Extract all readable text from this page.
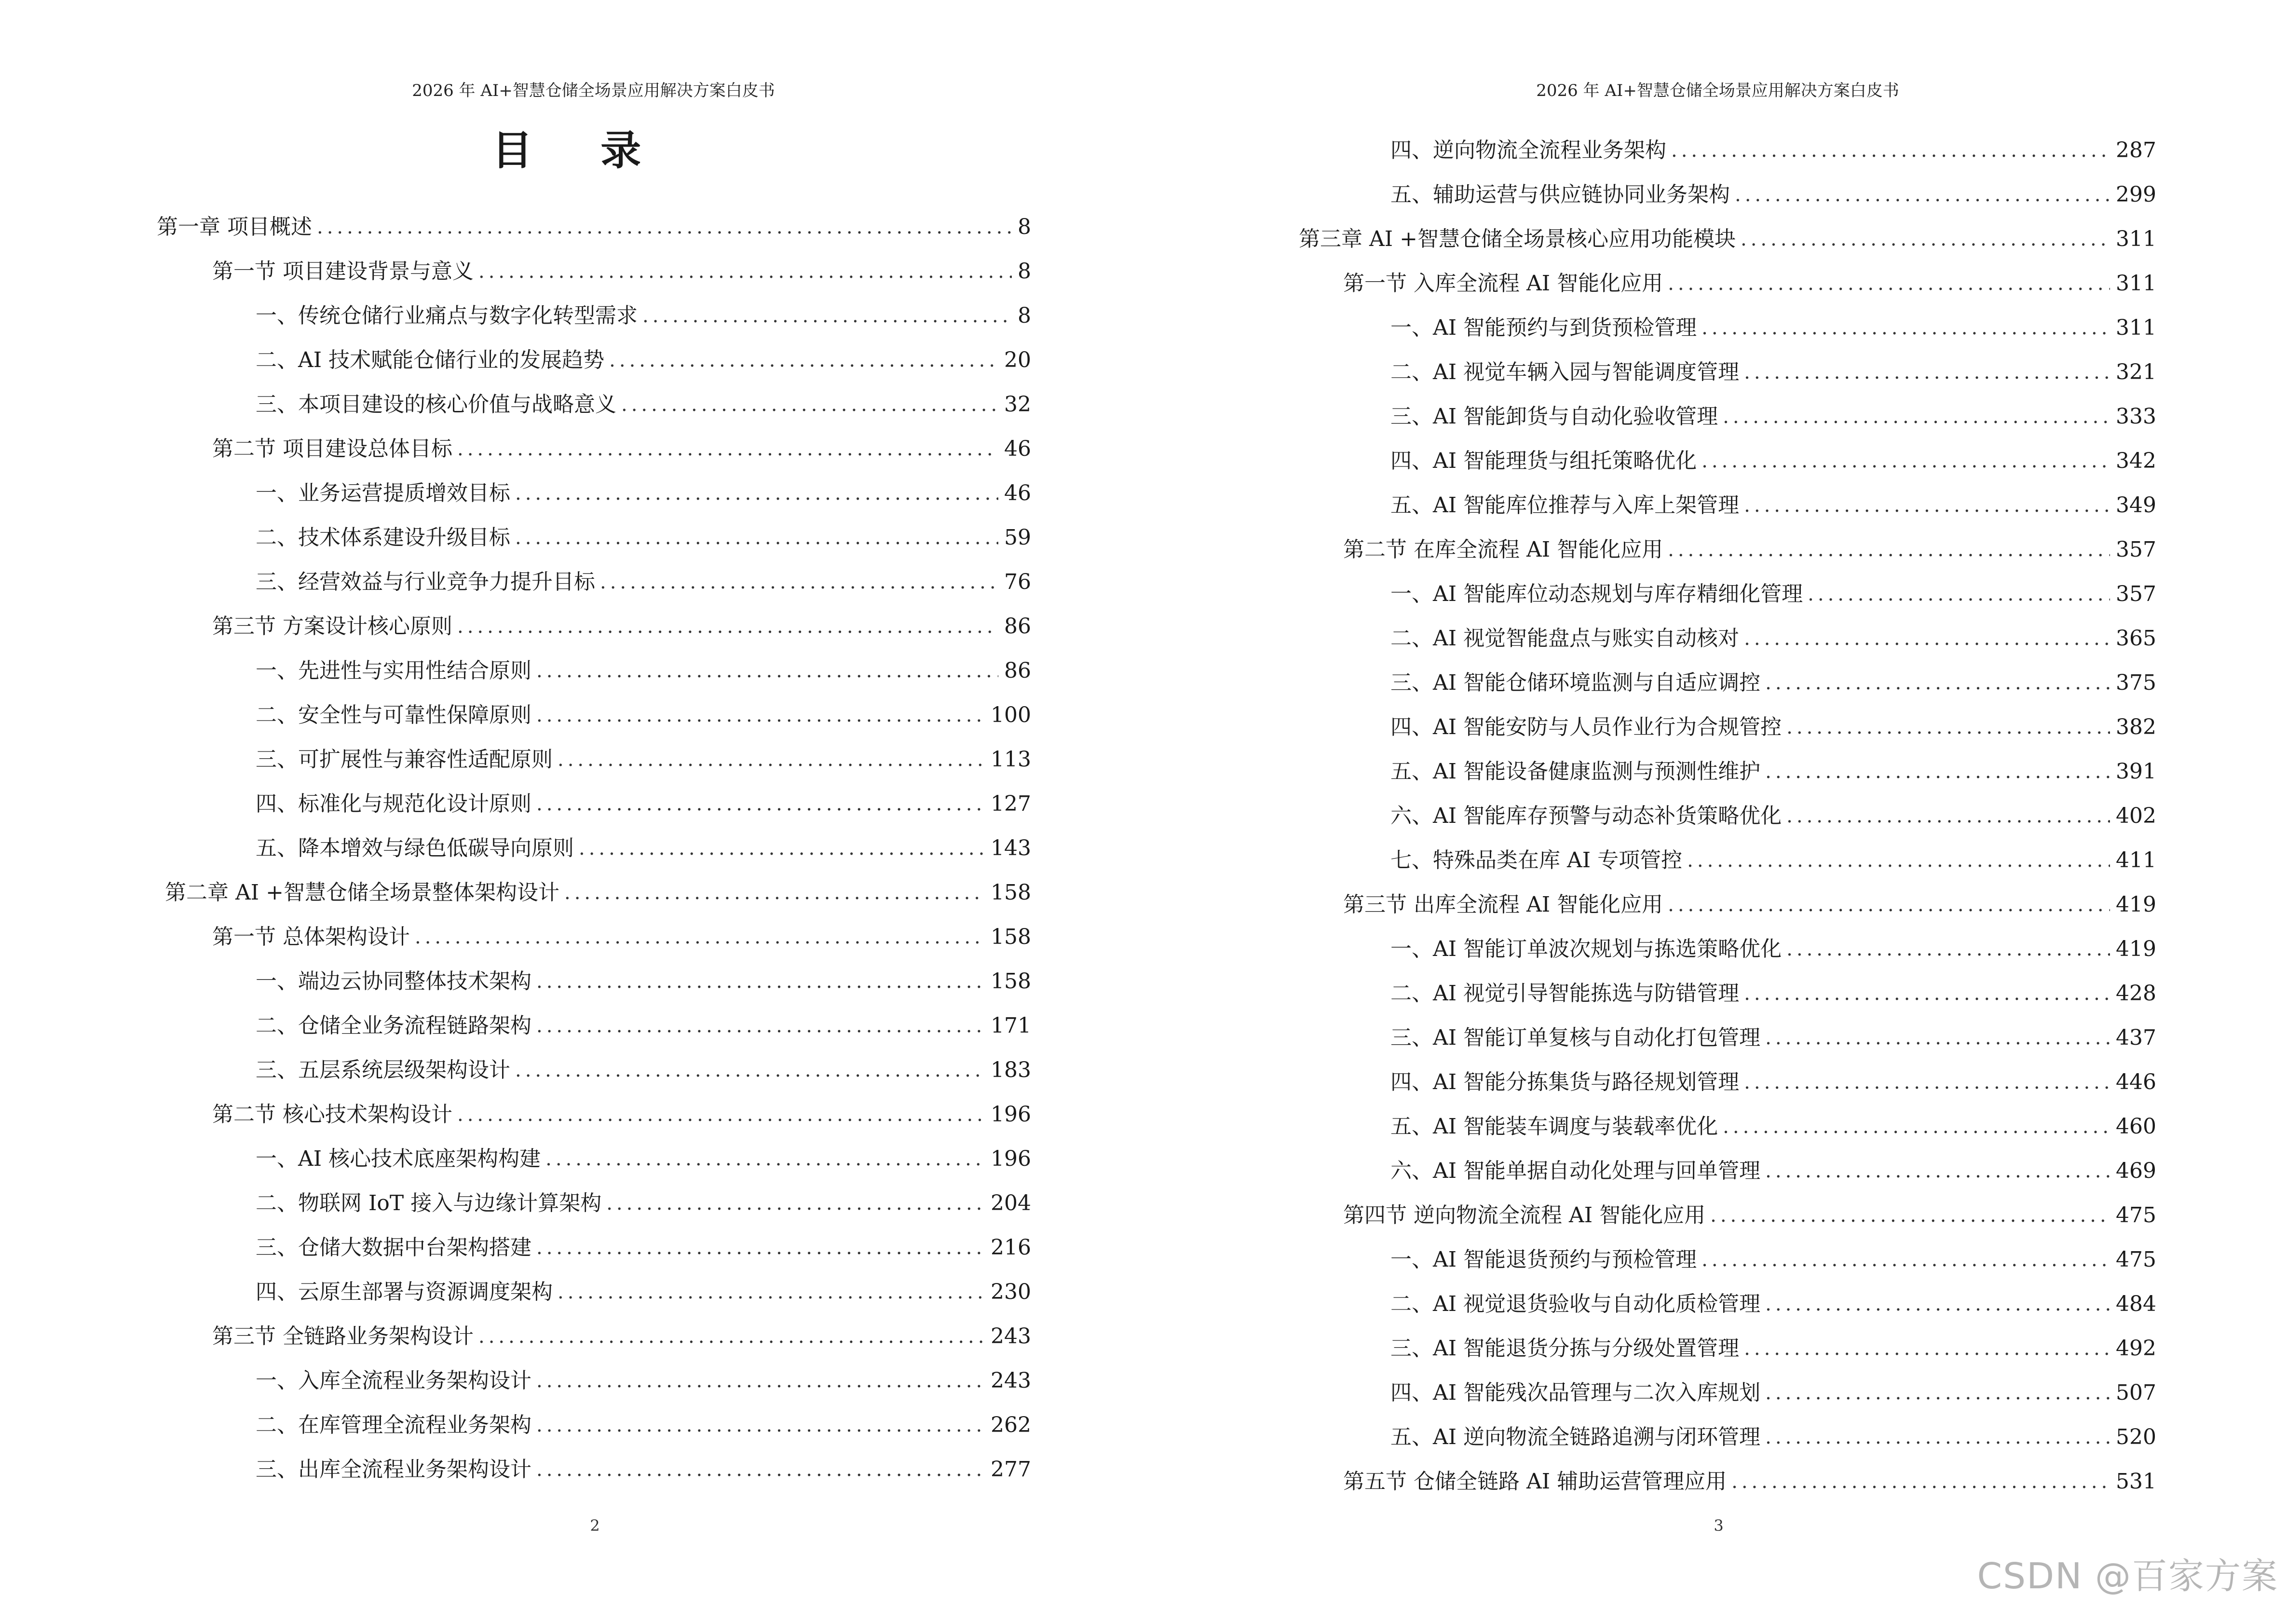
2026 年 AI+智慧仓储全场景应用解决方案白皮书
目 录
第一章 项目概述 .....	8
第一节 项目建设背景与意义 .....	8
一、传统仓储行业痛点与数字化转型需求 .....	8
二、AI 技术赋能仓储行业的发展趋势 .....	20
三、本项目建设的核心价值与战略意义 .....	32
第二节 项目建设总体目标 .....	46
一、业务运营提质增效目标 .....	46
二、技术体系建设升级目标 .....	59
三、经营效益与行业竞争力提升目标 .....	76
第三节 方案设计核心原则 .....	86
一、先进性与实用性结合原则 .....	86
二、安全性与可靠性保障原则 .....	100
三、可扩展性与兼容性适配原则 .....	113
四、标准化与规范化设计原则 .....	127
五、降本增效与绿色低碳导向原则 .....	143
第二章 AI +智慧仓储全场景整体架构设计 .....	158
第一节 总体架构设计 .....	158
一、端边云协同整体技术架构 .....	158
二、仓储全业务流程链路架构 .....	171
三、五层系统层级架构设计 .....	183
第二节 核心技术架构设计 .....	196
一、AI 核心技术底座架构构建 .....	196
二、物联网 IoT 接入与边缘计算架构 .....	204
三、仓储大数据中台架构搭建 .....	216
四、云原生部署与资源调度架构 .....	230
第三节 全链路业务架构设计 .....	243
一、入库全流程业务架构设计 .....	243
二、在库管理全流程业务架构 .....	262
三、出库全流程业务架构设计 .....	277
2
2026 年 AI+智慧仓储全场景应用解决方案白皮书
四、逆向物流全流程业务架构 .....	287
五、辅助运营与供应链协同业务架构 .....	299
第三章 AI +智慧仓储全场景核心应用功能模块 .....	311
第一节 入库全流程 AI 智能化应用 .....	311
一、AI 智能预约与到货预检管理 .....	311
二、AI 视觉车辆入园与智能调度管理 .....	321
三、AI 智能卸货与自动化验收管理 .....	333
四、AI 智能理货与组托策略优化 .....	342
五、AI 智能库位推荐与入库上架管理 .....	349
第二节 在库全流程 AI 智能化应用 .....	357
一、AI 智能库位动态规划与库存精细化管理 .....	357
二、AI 视觉智能盘点与账实自动核对 .....	365
三、AI 智能仓储环境监测与自适应调控 .....	375
四、AI 智能安防与人员作业行为合规管控 .....	382
五、AI 智能设备健康监测与预测性维护 .....	391
六、AI 智能库存预警与动态补货策略优化 .....	402
七、特殊品类在库 AI 专项管控 .....	411
第三节 出库全流程 AI 智能化应用 .....	419
一、AI 智能订单波次规划与拣选策略优化 .....	419
二、AI 视觉引导智能拣选与防错管理 .....	428
三、AI 智能订单复核与自动化打包管理 .....	437
四、AI 智能分拣集货与路径规划管理 .....	446
五、AI 智能装车调度与装载率优化 .....	460
六、AI 智能单据自动化处理与回单管理 .....	469
第四节 逆向物流全流程 AI 智能化应用 .....	475
一、AI 智能退货预约与预检管理 .....	475
二、AI 视觉退货验收与自动化质检管理 .....	484
三、AI 智能退货分拣与分级处置管理 .....	492
四、AI 智能残次品管理与二次入库规划 .....	507
五、AI 逆向物流全链路追溯与闭环管理 .....	520
第五节 仓储全链路 AI 辅助运营管理应用 .....	531
3
CSDN @百家方案
